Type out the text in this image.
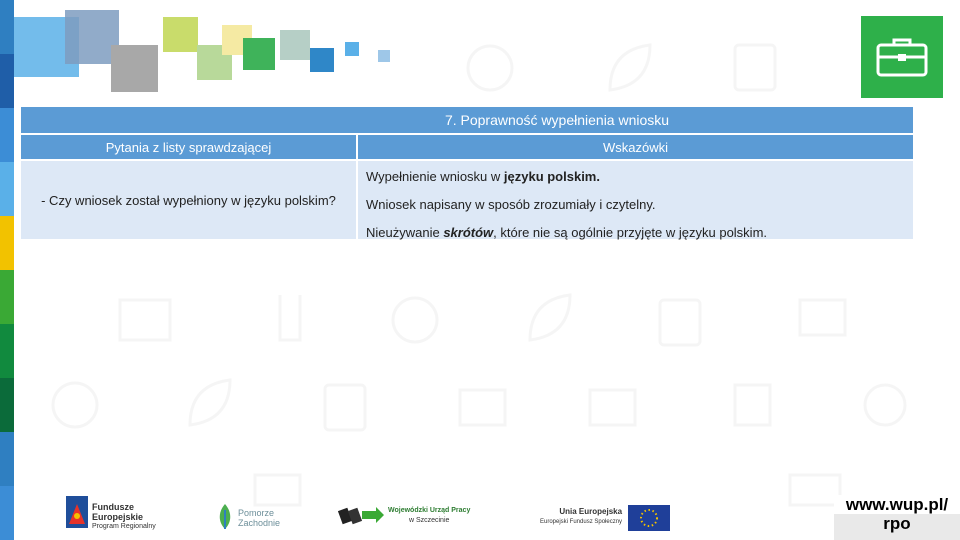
7. Poprawność wypełnienia wniosku
Pytania z listy sprawdzającej	Wskazówki
- Czy wniosek został wypełniony w języku polskim?
Wypełnienie wniosku w języku polskim.
Wniosek napisany w sposób zrozumiały i czytelny.
Nieużywanie skrótów, które nie są ogólnie przyjęte w języku polskim.
Fundusze
Europejskie
Program Regionalny
Pomorze
Zachodnie
Wojewódzki Urząd Pracy
w Szczecinie
Unia Europejska
Europejski Fundusz Społeczny
www.wup.pl/
rpo
